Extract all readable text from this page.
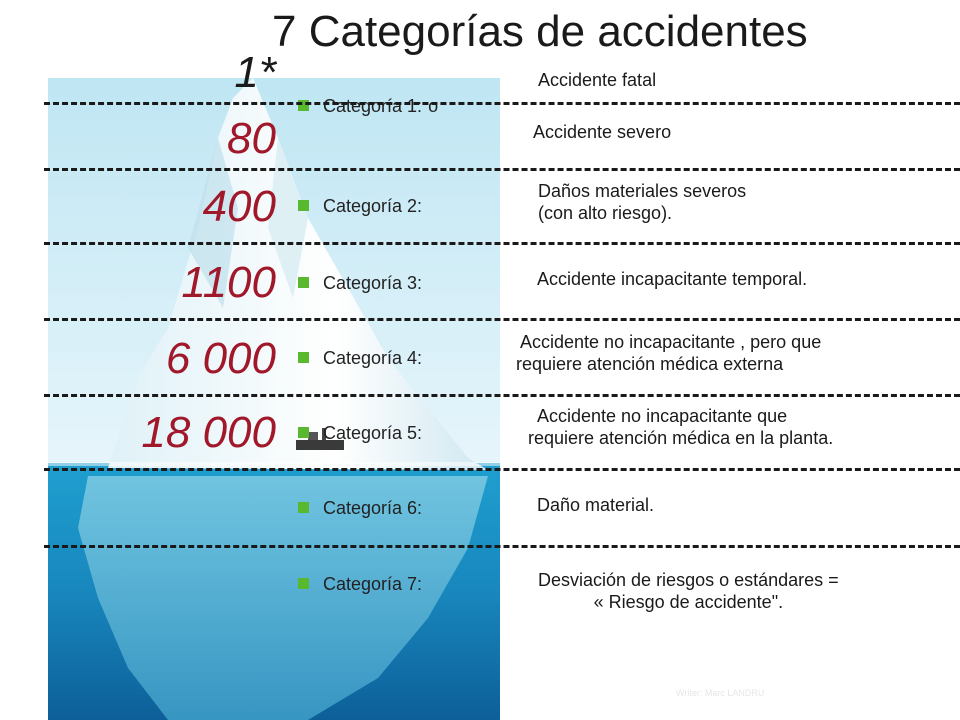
7 Categorías de accidentes
1*
80
400
1100
6 000
18 000
Categoría 1: o
Categoría 2:
Categoría 3:
Categoría 4:
Categoría 5:
Categoría 6:
Categoría 7:
Accidente fatal
Accidente severo
Daños materiales severos
(con alto riesgo).
Accidente incapacitante temporal.
Accidente no incapacitante , pero que
requiere atención médica externa
Accidente no incapacitante que
requiere atención médica en la planta.
Daño material.
Desviación de riesgos o estándares =
« Riesgo de accidente".
Writer: Marc LANDRU
